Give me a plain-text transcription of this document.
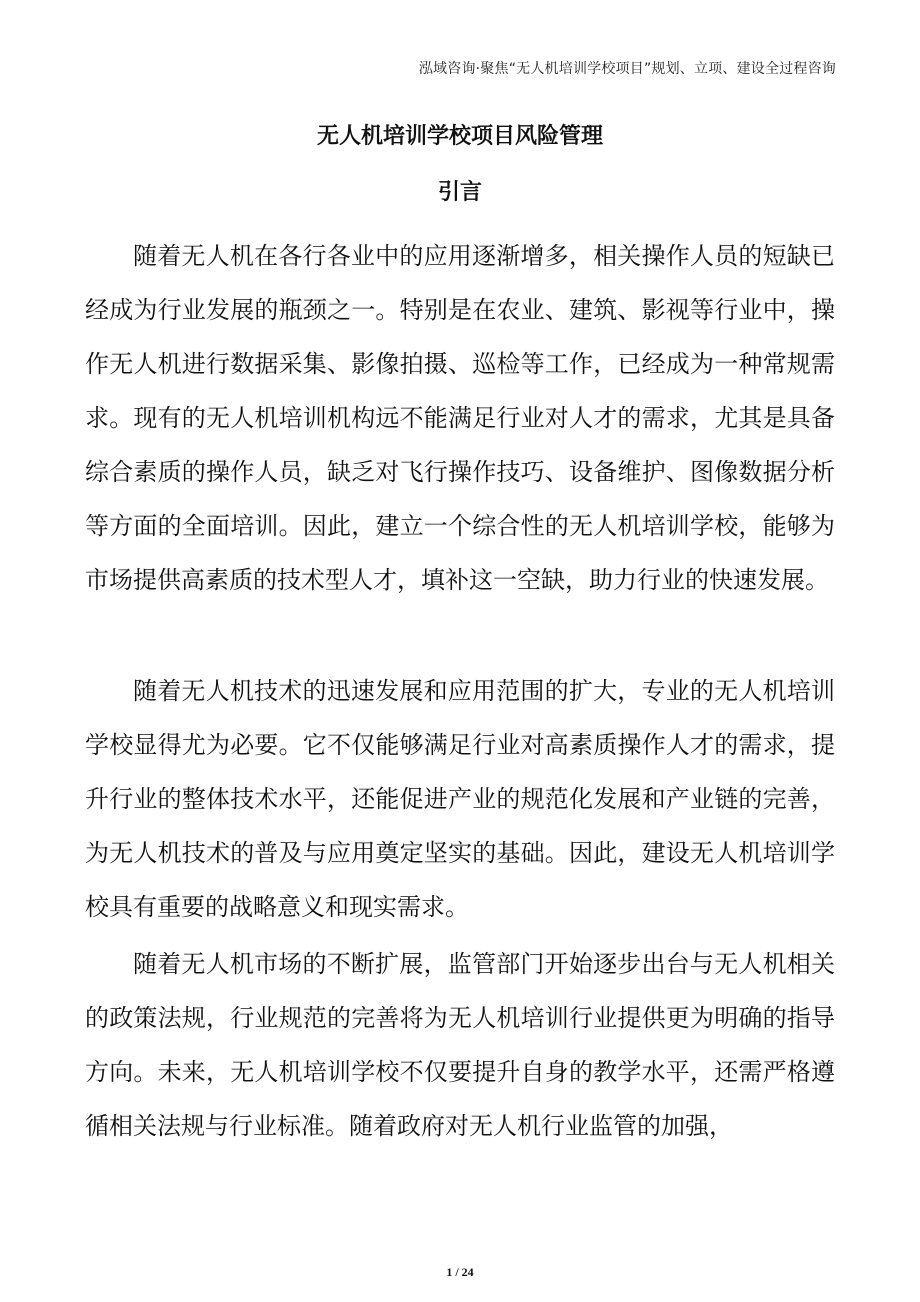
泓域咨询·聚焦“无人机培训学校项目”规划、立项、建设全过程咨询
无人机培训学校项目风险管理
引言

随着无人机在各行各业中的应用逐渐增多，相关操作人员的短缺已经成为行业发展的瓶颈之一。特别是在农业、建筑、影视等行业中，操作无人机进行数据采集、影像拍摄、巡检等工作，已经成为一种常规需求。现有的无人机培训机构远不能满足行业对人才的需求，尤其是具备综合素质的操作人员，缺乏对飞行操作技巧、设备维护、图像数据分析等方面的全面培训。因此，建立一个综合性的无人机培训学校，能够为市场提供高素质的技术型人才，填补这一空缺，助力行业的快速发展。

随着无人机技术的迅速发展和应用范围的扩大，专业的无人机培训学校显得尤为必要。它不仅能够满足行业对高素质操作人才的需求，提升行业的整体技术水平，还能促进产业的规范化发展和产业链的完善，为无人机技术的普及与应用奠定坚实的基础。因此，建设无人机培训学校具有重要的战略意义和现实需求。

随着无人机市场的不断扩展，监管部门开始逐步出台与无人机相关的政策法规，行业规范的完善将为无人机培训行业提供更为明确的指导方向。未来，无人机培训学校不仅要提升自身的教学水平，还需严格遵循相关法规与行业标准。随着政府对无人机行业监管的加强，

1 / 24
